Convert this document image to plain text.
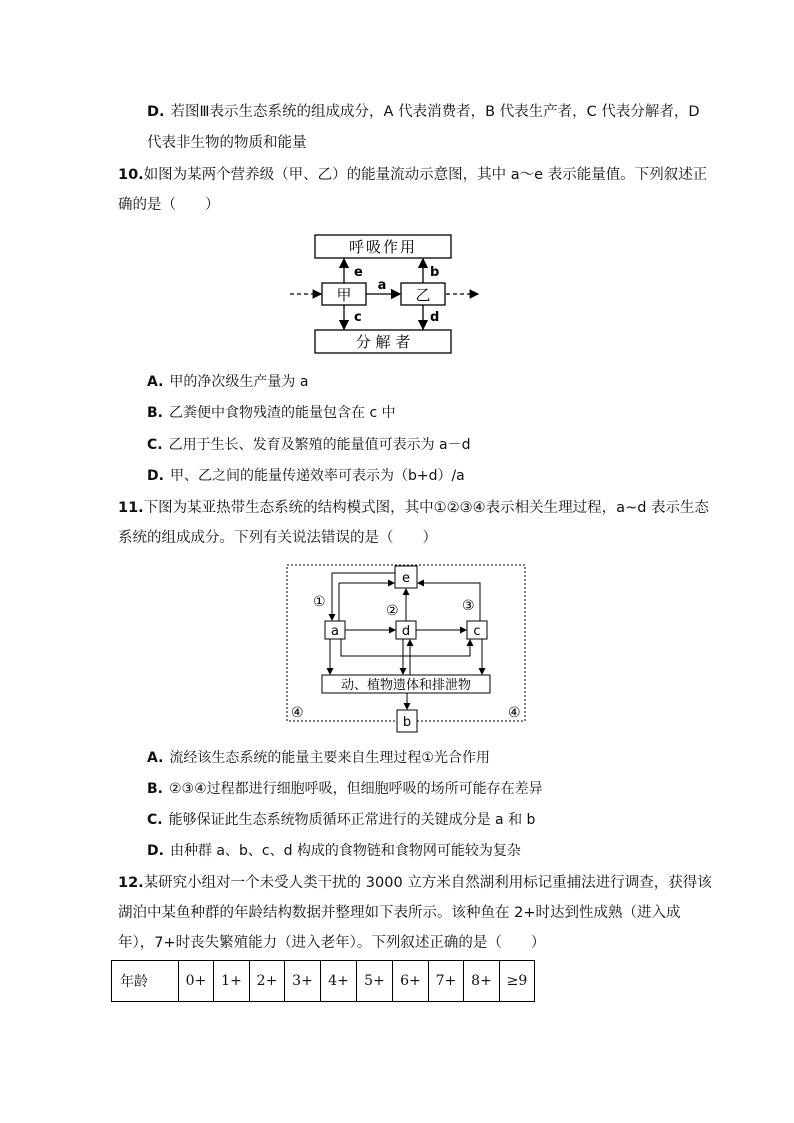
D. 若图Ⅲ表示生态系统的组成成分，A 代表消费者，B 代表生产者，C 代表分解者，D
代表非生物的物质和能量
10.如图为某两个营养级（甲、乙）的能量流动示意图，其中 a～e 表示能量值。下列叙述正
确的是（　　）
呼吸作用
分 解 者
甲	乙
a
e	b
c	d
A. 甲的净次级生产量为 a
B. 乙粪便中食物残渣的能量包含在 c 中
C. 乙用于生长、发育及繁殖的能量值可表示为 a－d
D. 甲、乙之间的能量传递效率可表示为（b+d）/a
11.下图为某亚热带生态系统的结构模式图，其中①②③④表示相关生理过程，a~d 表示生态
系统的组成成分。下列有关说法错误的是（　　）
e
a	d	c
动、植物遗体和排泄物
b
①
②	③
④	④
A. 流经该生态系统的能量主要来自生理过程①光合作用
B. ②③④过程都进行细胞呼吸，但细胞呼吸的场所可能存在差异
C. 能够保证此生态系统物质循环正常进行的关键成分是 a 和 b
D. 由种群 a、b、c、d 构成的食物链和食物网可能较为复杂
12.某研究小组对一个未受人类干扰的 3000 立方米自然湖利用标记重捕法进行调查，获得该
湖泊中某鱼种群的年龄结构数据并整理如下表所示。该种鱼在 2+时达到性成熟（进入成
年），7+时丧失繁殖能力（进入老年）。下列叙述正确的是（　　）
年龄	0+	1+	2+	3+	4+	5+	6+	7+	8+	≥9
